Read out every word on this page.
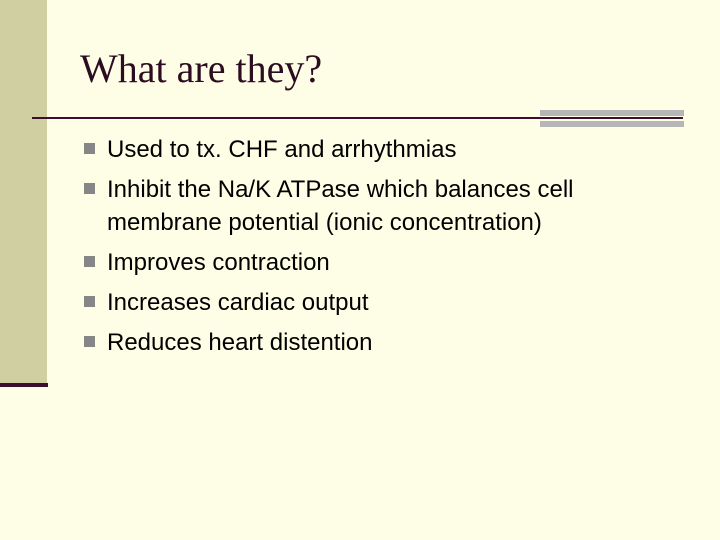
What are they?
Used to tx. CHF and arrhythmias
Inhibit the Na/K ATPase which balances cell membrane potential (ionic concentration)
Improves contraction
Increases cardiac output
Reduces heart distention
